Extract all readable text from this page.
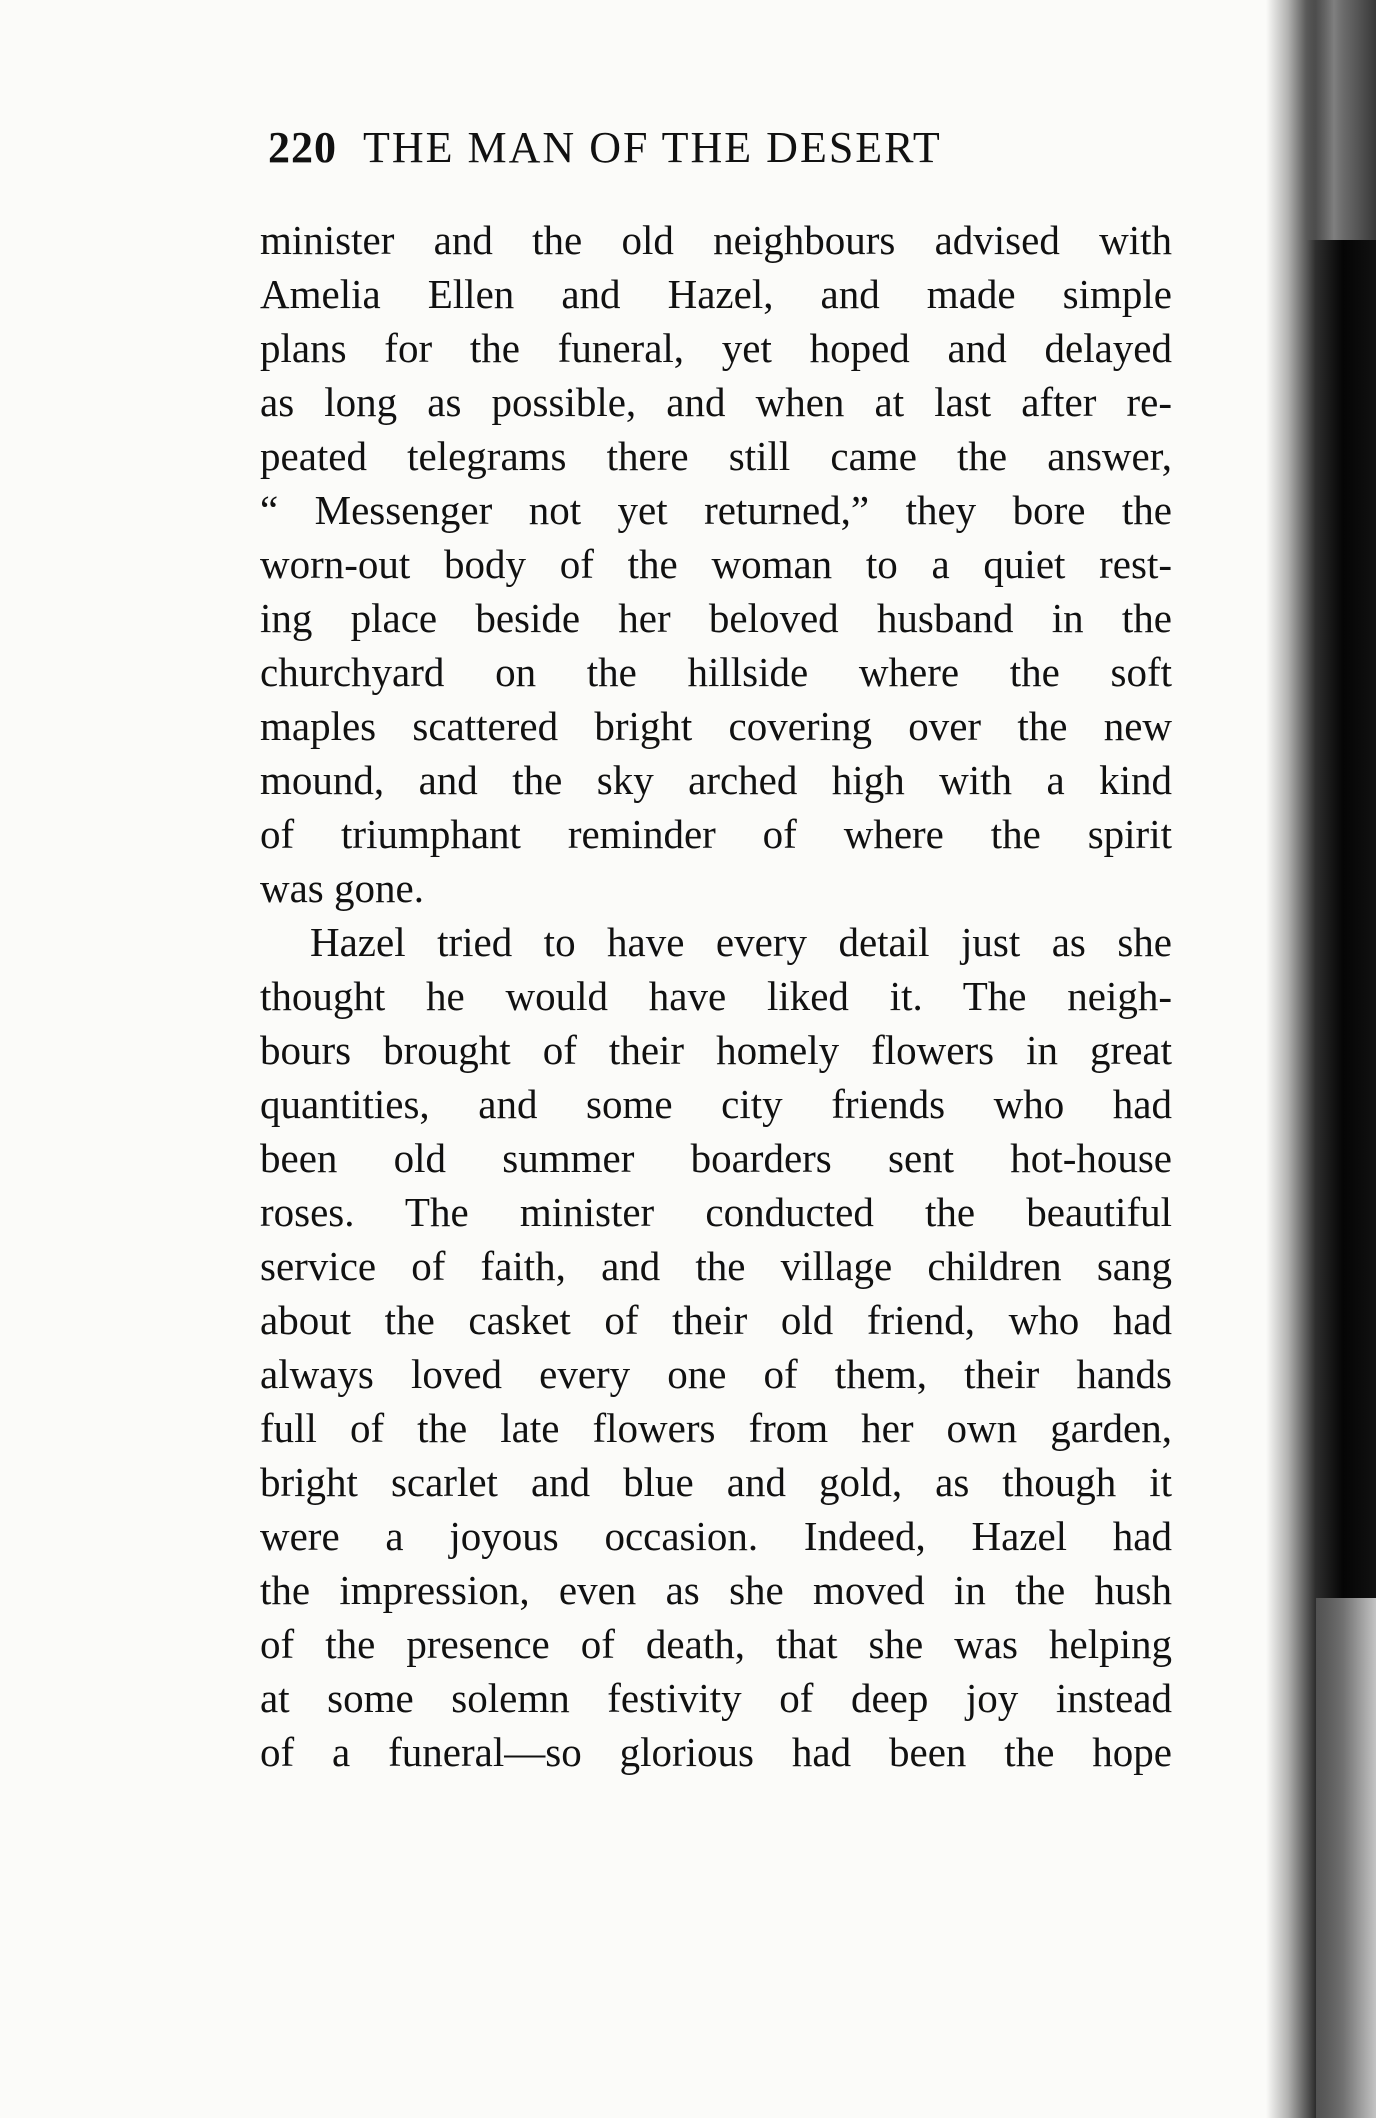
220 THE MAN OF THE DESERT
minister and the old neighbours advised with
Amelia Ellen and Hazel, and made simple
plans for the funeral, yet hoped and delayed
as long as possible, and when at last after re-
peated telegrams there still came the answer,
“ Messenger not yet returned,” they bore the
worn-out body of the woman to a quiet rest-
ing place beside her beloved husband in the
churchyard on the hillside where the soft
maples scattered bright covering over the new
mound, and the sky arched high with a kind
of triumphant reminder of where the spirit
was gone.
Hazel tried to have every detail just as she
thought he would have liked it. The neigh-
bours brought of their homely flowers in great
quantities, and some city friends who had
been old summer boarders sent hot-house
roses. The minister conducted the beautiful
service of faith, and the village children sang
about the casket of their old friend, who had
always loved every one of them, their hands
full of the late flowers from her own garden,
bright scarlet and blue and gold, as though it
were a joyous occasion. Indeed, Hazel had
the impression, even as she moved in the hush
of the presence of death, that she was helping
at some solemn festivity of deep joy instead
of a funeral—so glorious had been the hope
